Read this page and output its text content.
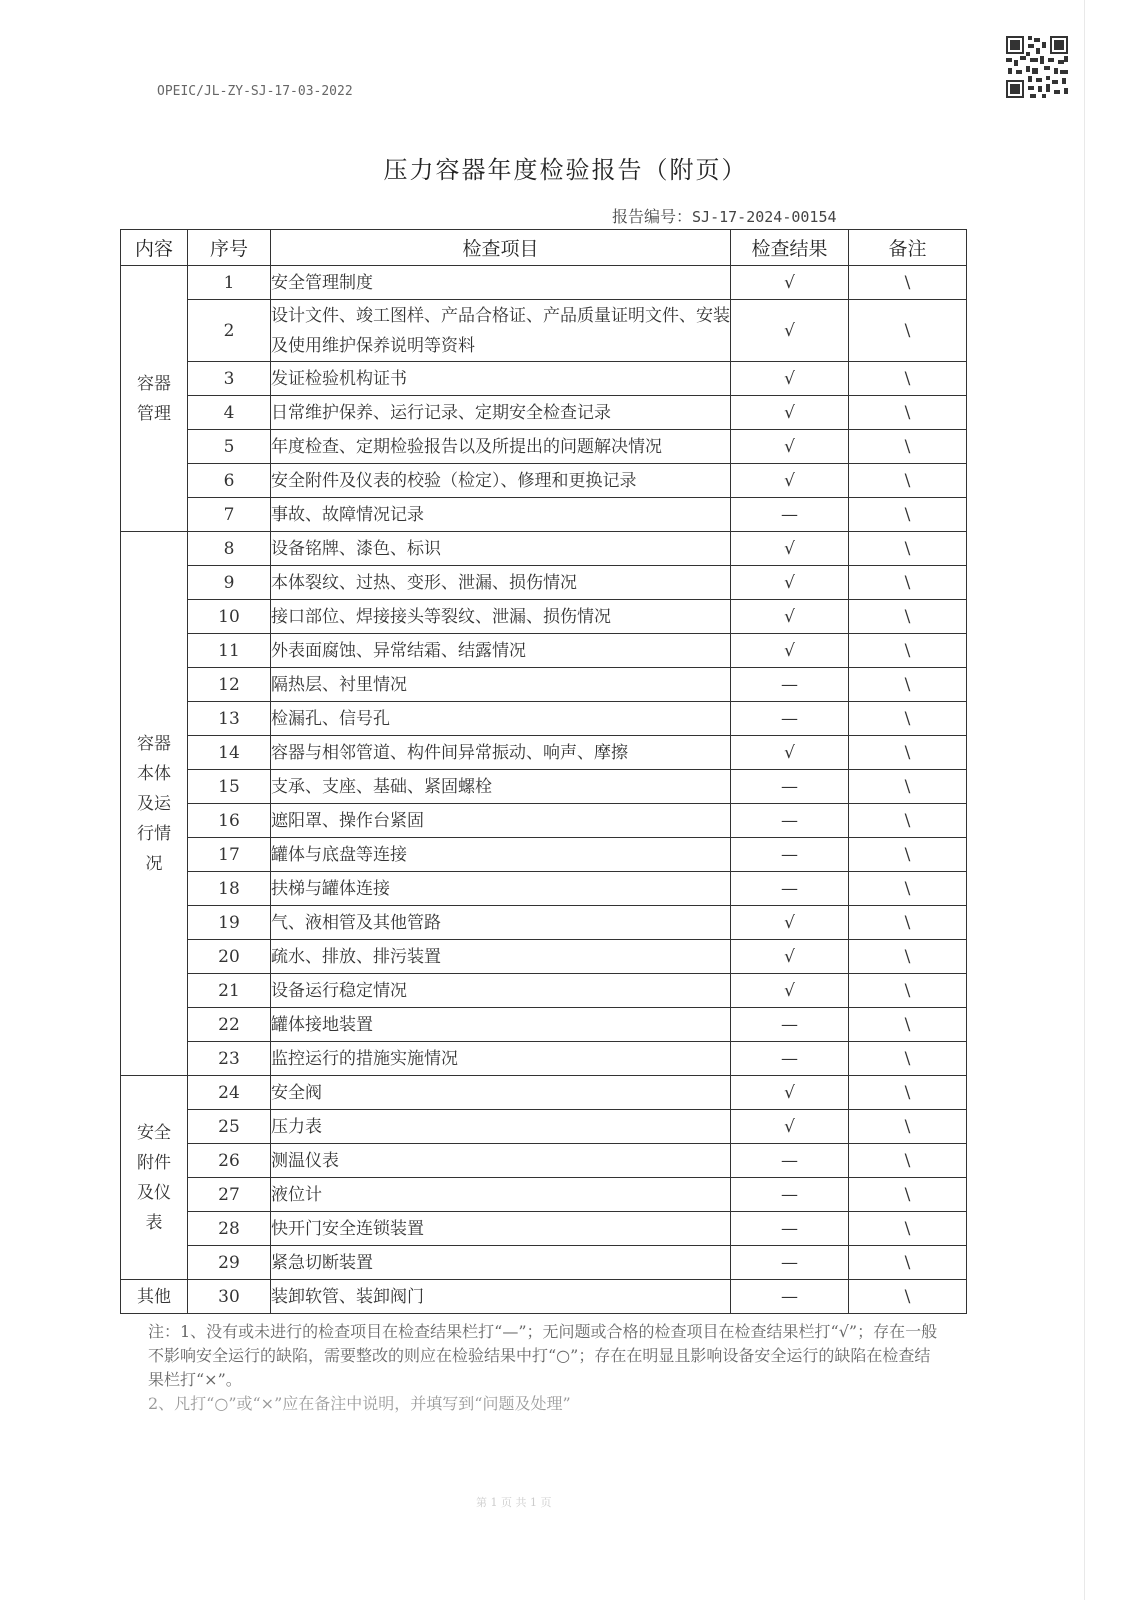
OPEIC/JL-ZY-SJ-17-03-2022
压力容器年度检验报告（附页）
报告编号：SJ-17-2024-00154
内容	序号	检查项目	检查结果	备注
容器管理	1	安全管理制度	√	\
	2	设计文件、竣工图样、产品合格证、产品质量证明文件、安装及使用维护保养说明等资料	√	\
	3	发证检验机构证书	√	\
	4	日常维护保养、运行记录、定期安全检查记录	√	\
	5	年度检查、定期检验报告以及所提出的问题解决情况	√	\
	6	安全附件及仪表的校验（检定）、修理和更换记录	√	\
	7	事故、故障情况记录	—	\
容器本体及运行情况	8	设备铭牌、漆色、标识	√	\
	9	本体裂纹、过热、变形、泄漏、损伤情况	√	\
	10	接口部位、焊接接头等裂纹、泄漏、损伤情况	√	\
	11	外表面腐蚀、异常结霜、结露情况	√	\
	12	隔热层、衬里情况	—	\
	13	检漏孔、信号孔	—	\
	14	容器与相邻管道、构件间异常振动、响声、摩擦	√	\
	15	支承、支座、基础、紧固螺栓	—	\
	16	遮阳罩、操作台紧固	—	\
	17	罐体与底盘等连接	—	\
	18	扶梯与罐体连接	—	\
	19	气、液相管及其他管路	√	\
	20	疏水、排放、排污装置	√	\
	21	设备运行稳定情况	√	\
	22	罐体接地装置	—	\
	23	监控运行的措施实施情况	—	\
安全附件及仪表	24	安全阀	√	\
	25	压力表	√	\
	26	测温仪表	—	\
	27	液位计	—	\
	28	快开门安全连锁装置	—	\
	29	紧急切断装置	—	\
其他	30	装卸软管、装卸阀门	—	\

注：1、没有或未进行的检查项目在检查结果栏打“—”；无问题或合格的检查项目在检查结果栏打“√”；存在一般不影响安全运行的缺陷，需要整改的则应在检验结果中打“○”；存在在明显且影响设备安全运行的缺陷在检查结果栏打“×”。

2、凡打“○”或“×”应在备注中说明，并填写到“问题及处理”

第 1 页 共 1 页
